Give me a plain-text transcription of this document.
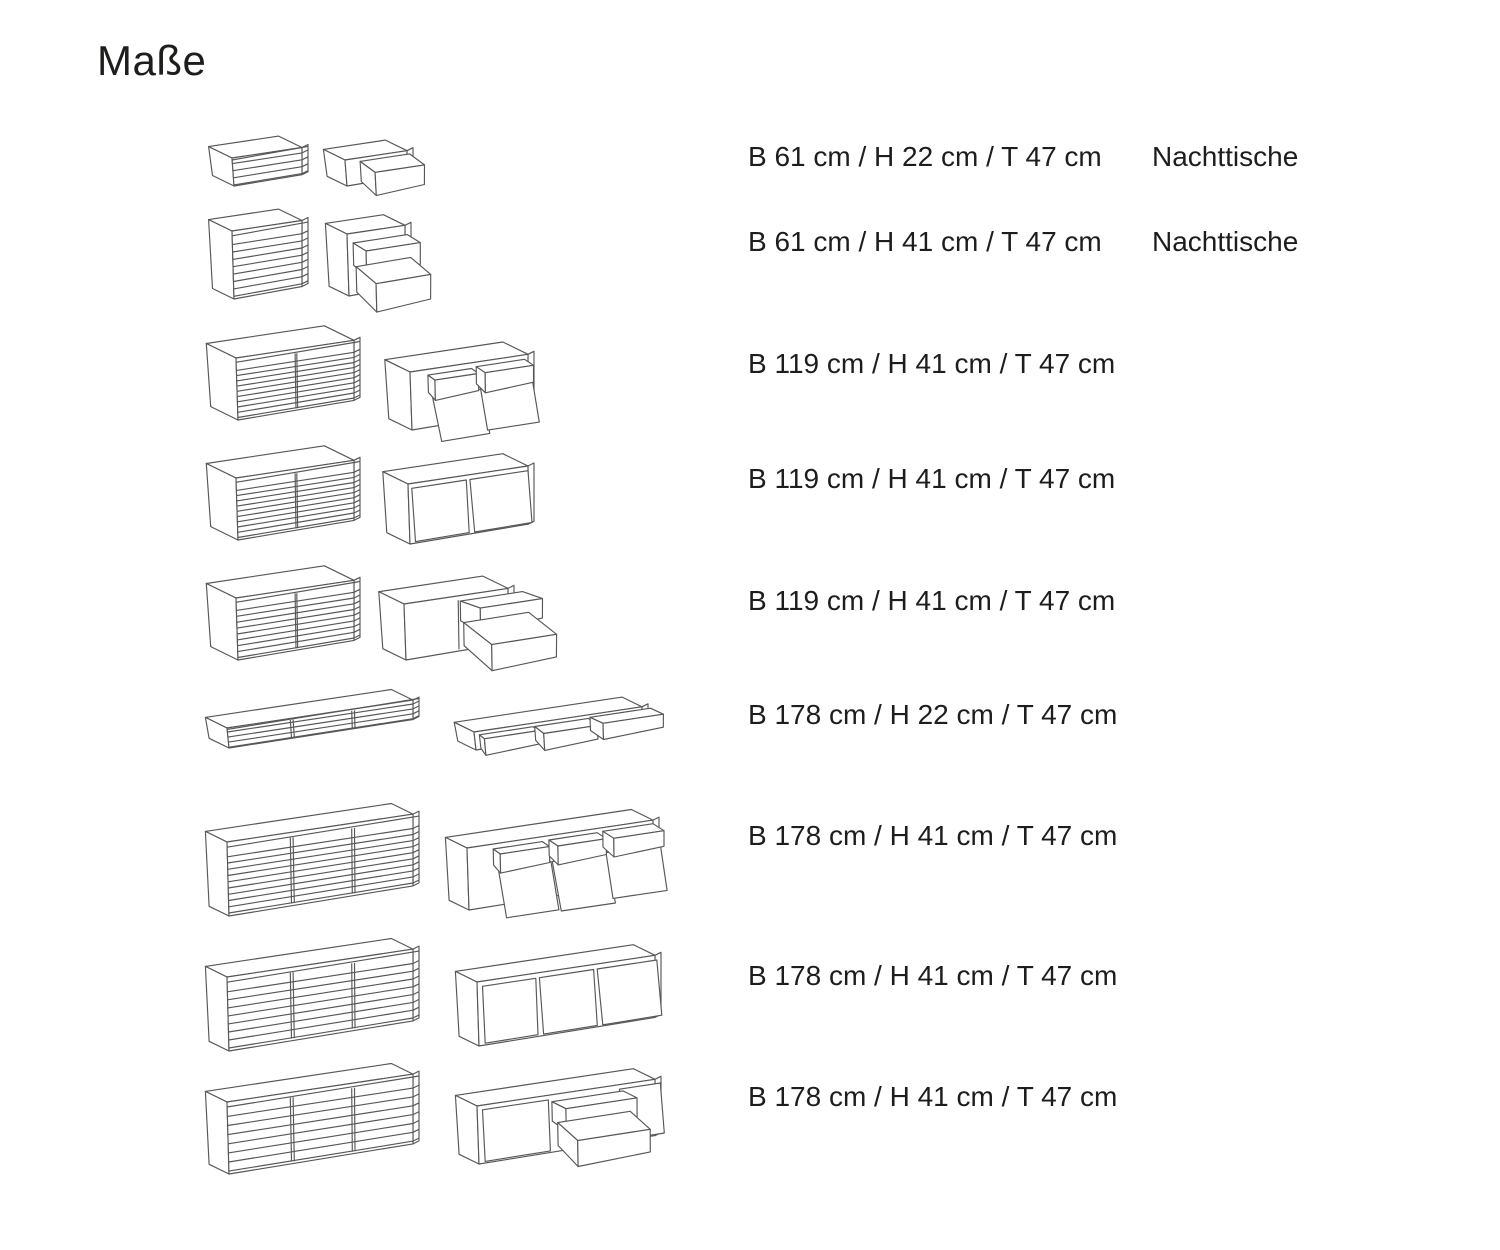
Maße
B 61 cm / H 22 cm / T 47 cm Nachttische
B 61 cm / H 41 cm / T 47 cm Nachttische
B 119 cm / H 41 cm / T 47 cm
B 119 cm / H 41 cm / T 47 cm
B 119 cm / H 41 cm / T 47 cm
B 178 cm / H 22 cm / T 47 cm
B 178 cm / H 41 cm / T 47 cm
B 178 cm / H 41 cm / T 47 cm
B 178 cm / H 41 cm / T 47 cm
